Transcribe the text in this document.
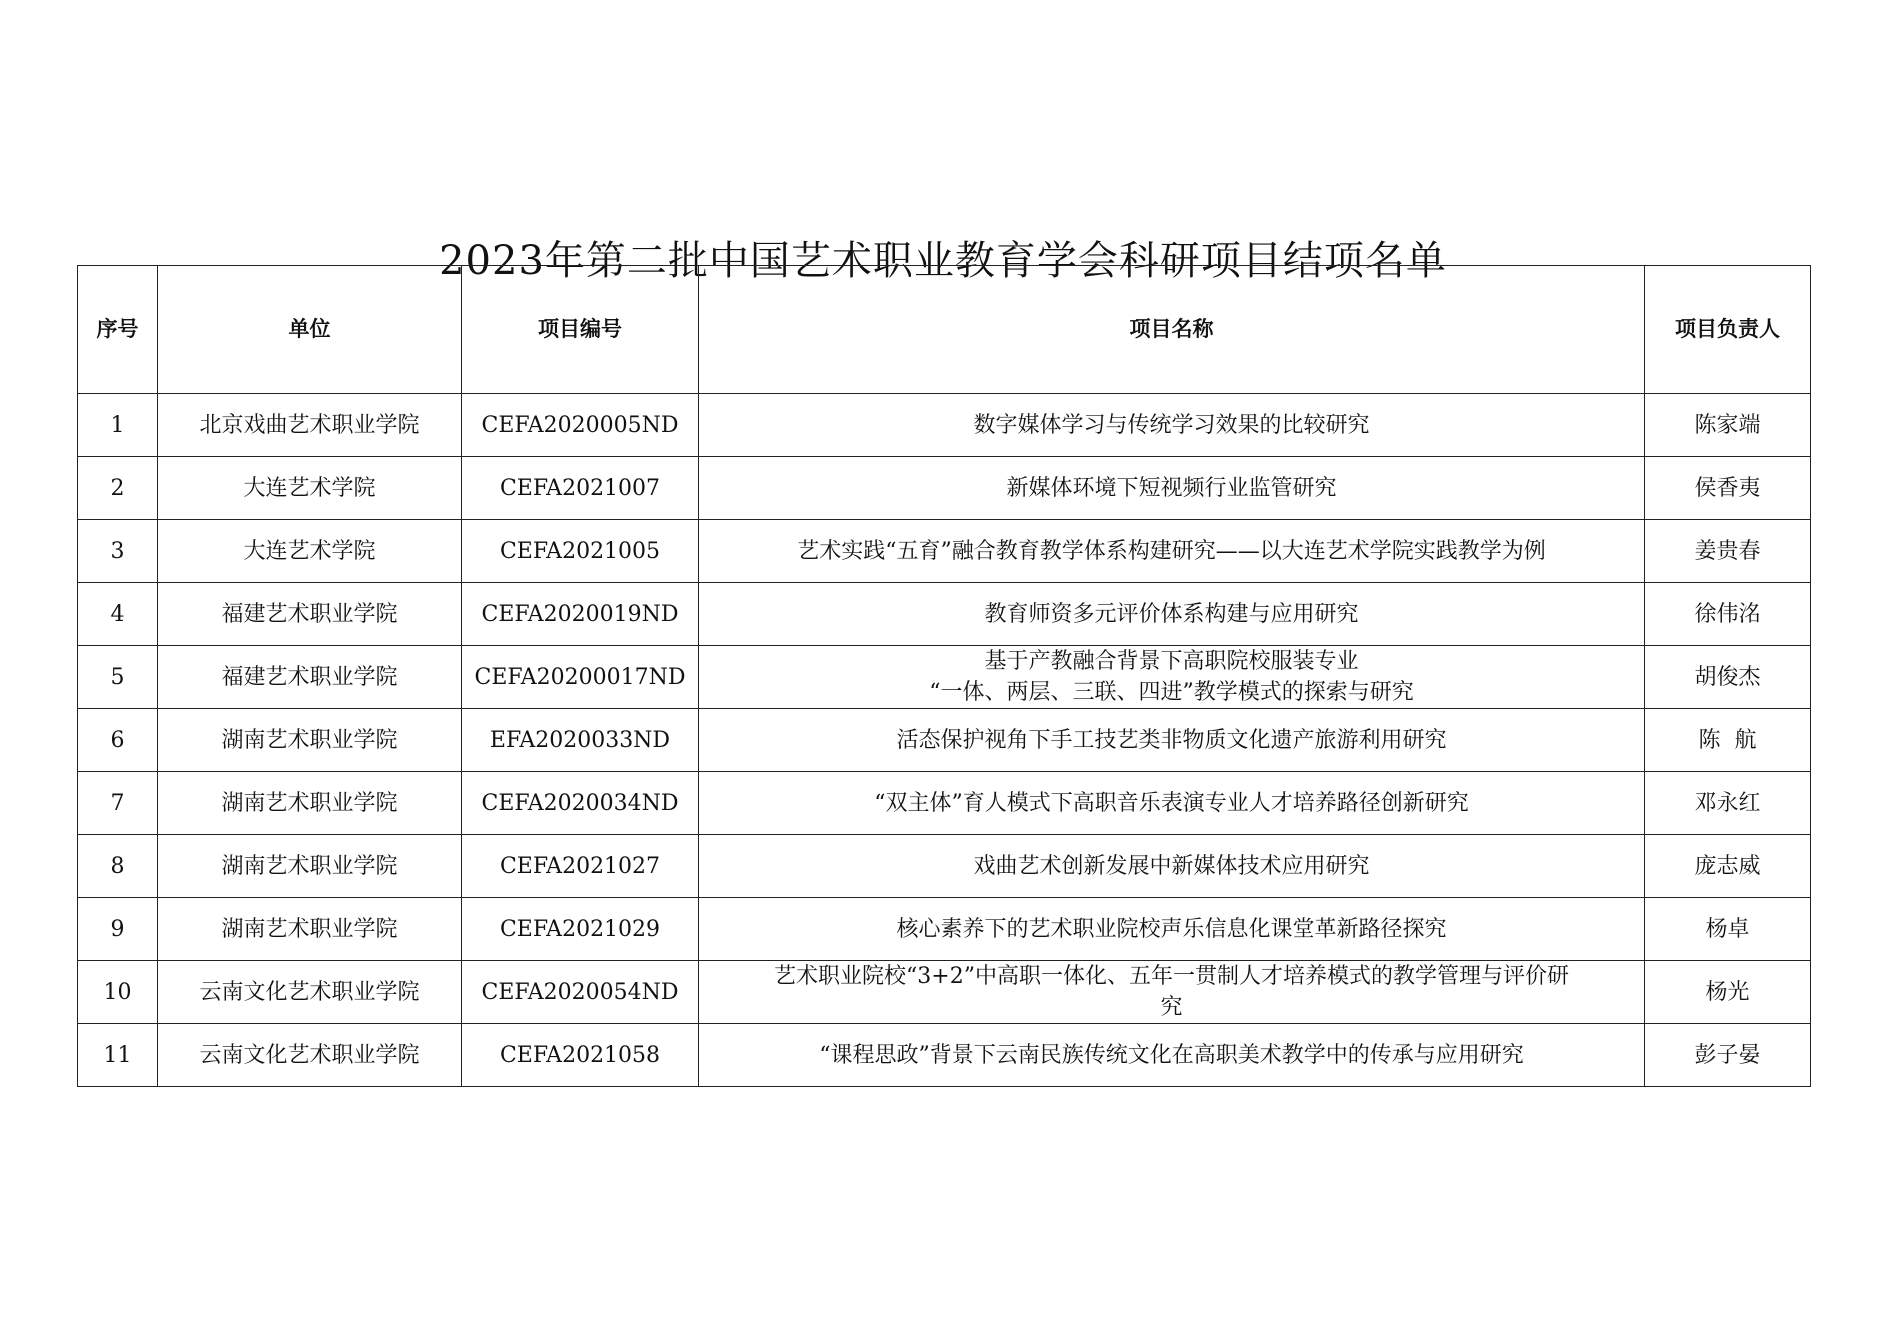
2023年第二批中国艺术职业教育学会科研项目结项名单
序号	单位	项目编号	项目名称	项目负责人
1	北京戏曲艺术职业学院	CEFA2020005ND	数字媒体学习与传统学习效果的比较研究	陈家端
2	大连艺术学院	CEFA2021007	新媒体环境下短视频行业监管研究	侯香夷
3	大连艺术学院	CEFA2021005	艺术实践“五育”融合教育教学体系构建研究——以大连艺术学院实践教学为例	姜贵春
4	福建艺术职业学院	CEFA2020019ND	教育师资多元评价体系构建与应用研究	徐伟洺
5	福建艺术职业学院	CEFA20200017ND	基于产教融合背景下高职院校服装专业
“一体、两层、三联、四进”教学模式的探索与研究	胡俊杰
6	湖南艺术职业学院	EFA2020033ND	活态保护视角下手工技艺类非物质文化遗产旅游利用研究	陈  航
7	湖南艺术职业学院	CEFA2020034ND	“双主体”育人模式下高职音乐表演专业人才培养路径创新研究	邓永红
8	湖南艺术职业学院	CEFA2021027	戏曲艺术创新发展中新媒体技术应用研究	庞志威
9	湖南艺术职业学院	CEFA2021029	核心素养下的艺术职业院校声乐信息化课堂革新路径探究	杨卓
10	云南文化艺术职业学院	CEFA2020054ND	艺术职业院校“3+2”中高职一体化、五年一贯制人才培养模式的教学管理与评价研
究	杨光
11	云南文化艺术职业学院	CEFA2021058	“课程思政”背景下云南民族传统文化在高职美术教学中的传承与应用研究	彭子晏
